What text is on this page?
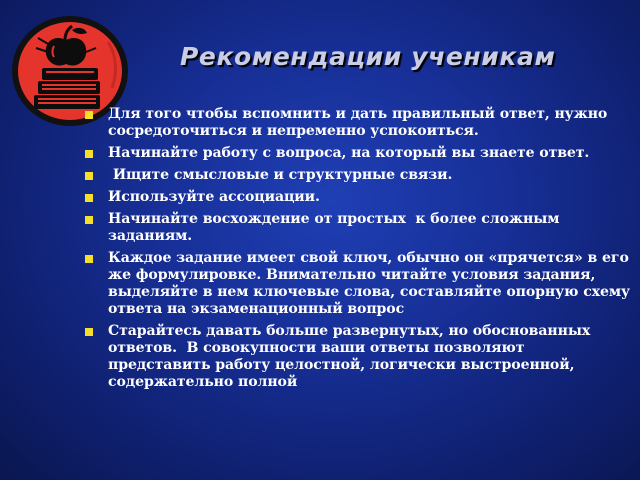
Рекомендации ученикам
Для того чтобы вспомнить и дать правильный ответ, нужно сосредоточиться и непременно успокоиться.
Начинайте работу с вопроса, на который вы знаете ответ.
Ищите смысловые и структурные связи.
Используйте ассоциации.
Начинайте восхождение от простых  к более сложным заданиям.
Каждое задание имеет свой ключ, обычно он «прячется» в его же формулировке. Внимательно читайте условия задания, выделяйте в нем ключевые слова, составляйте опорную схему ответа на экзаменационный вопрос
Старайтесь давать больше развернутых, но обоснованных ответов.  В совокупности ваши ответы позволяют представить работу целостной, логически выстроенной, содержательно полной
